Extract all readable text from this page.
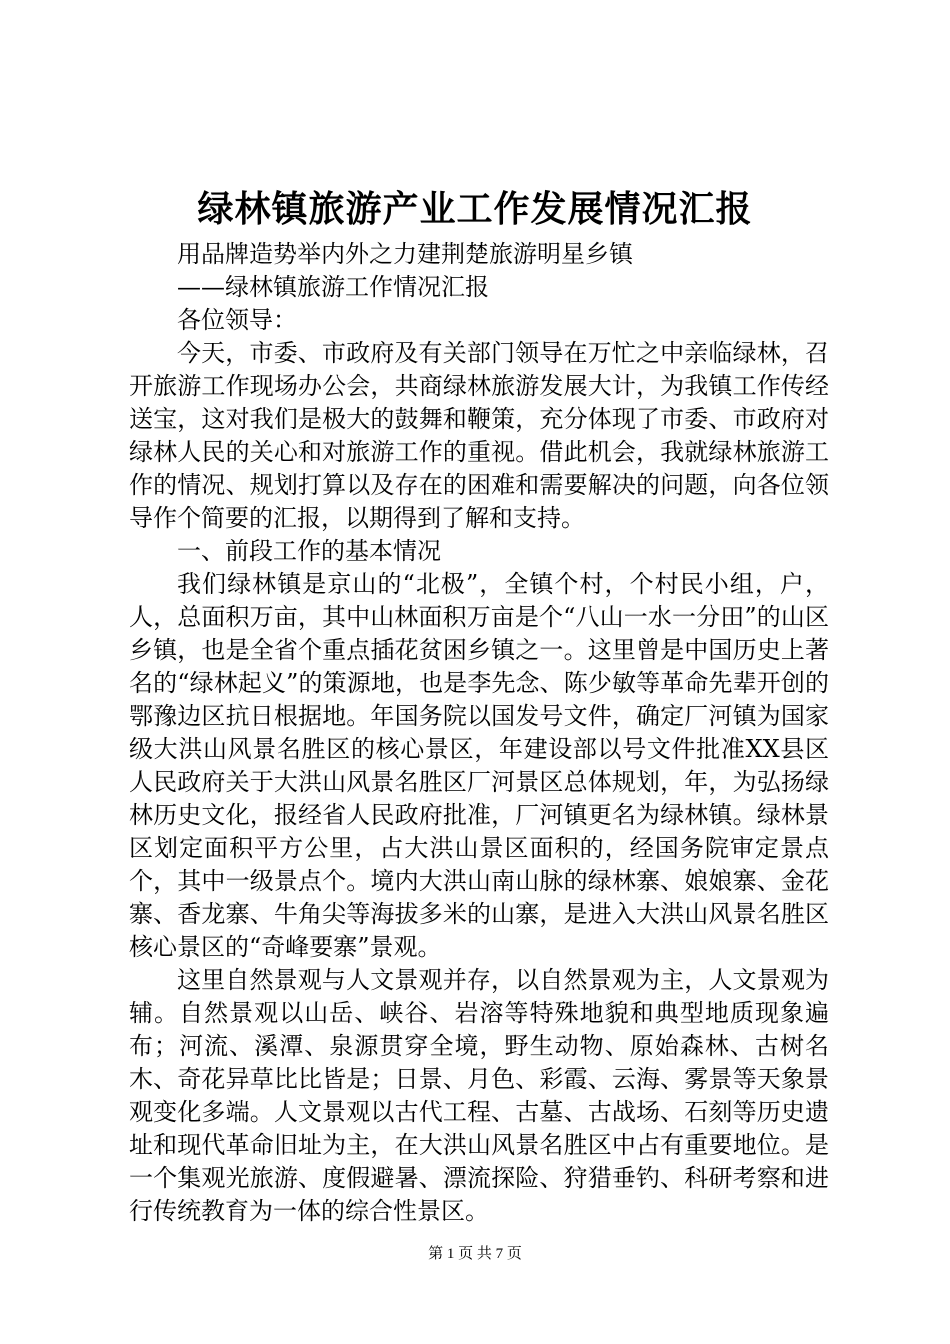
绿林镇旅游产业工作发展情况汇报

用品牌造势举内外之力建荆楚旅游明星乡镇

——绿林镇旅游工作情况汇报

各位领导：

今天，市委、市政府及有关部门领导在万忙之中亲临绿林，召开旅游工作现场办公会，共商绿林旅游发展大计，为我镇工作传经送宝，这对我们是极大的鼓舞和鞭策，充分体现了市委、市政府对绿林人民的关心和对旅游工作的重视。借此机会，我就绿林旅游工作的情况、规划打算以及存在的困难和需要解决的问题，向各位领导作个简要的汇报，以期得到了解和支持。

一、前段工作的基本情况

我们绿林镇是京山的“北极”，全镇个村，个村民小组，户，人，总面积万亩，其中山林面积万亩是个“八山一水一分田”的山区乡镇，也是全省个重点插花贫困乡镇之一。这里曾是中国历史上著名的“绿林起义”的策源地，也是李先念、陈少敏等革命先辈开创的鄂豫边区抗日根据地。年国务院以国发号文件，确定厂河镇为国家级大洪山风景名胜区的核心景区，年建设部以号文件批准XX县区人民政府关于大洪山风景名胜区厂河景区总体规划，年，为弘扬绿林历史文化，报经省人民政府批准，厂河镇更名为绿林镇。绿林景区划定面积平方公里，占大洪山景区面积的，经国务院审定景点个，其中一级景点个。境内大洪山南山脉的绿林寨、娘娘寨、金花寨、香龙寨、牛角尖等海拔多米的山寨，是进入大洪山风景名胜区核心景区的“奇峰要寨”景观。

这里自然景观与人文景观并存，以自然景观为主，人文景观为辅。自然景观以山岳、峡谷、岩溶等特殊地貌和典型地质现象遍布；河流、溪潭、泉源贯穿全境，野生动物、原始森林、古树名木、奇花异草比比皆是；日景、月色、彩霞、云海、雾景等天象景观变化多端。人文景观以古代工程、古墓、古战场、石刻等历史遗址和现代革命旧址为主，在大洪山风景名胜区中占有重要地位。是一个集观光旅游、度假避暑、漂流探险、狩猎垂钓、科研考察和进行传统教育为一体的综合性景区。

第 1 页 共 7 页
